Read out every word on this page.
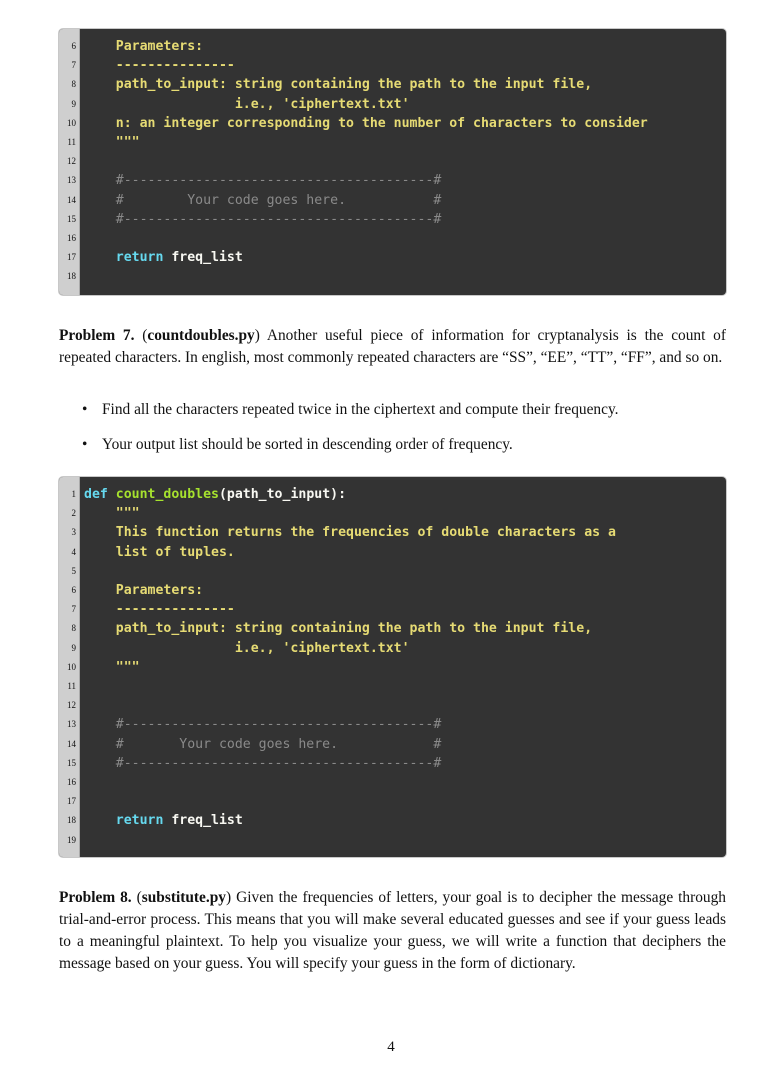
6 Parameters:
7 ---------------
8 path_to_input: string containing the path to the input file,
9 i.e., 'ciphertext.txt'
10 n: an integer corresponding to the number of characters to consider
11 """
12
13 #---------------------------------------#
14 #        Your code goes here.           #
15 #---------------------------------------#
16
17 return freq_list
18
Problem 7. (countdoubles.py) Another useful piece of information for cryptanalysis is the count of repeated characters. In english, most commonly repeated characters are “SS”, “EE”, “TT”, “FF”, and so on.
• Find all the characters repeated twice in the ciphertext and compute their frequency.
• Your output list should be sorted in descending order of frequency.
1 def count_doubles(path_to_input):
2 """
3 This function returns the frequencies of double characters as a
4 list of tuples.
5
6 Parameters:
7 ---------------
8 path_to_input: string containing the path to the input file,
9 i.e., 'ciphertext.txt'
10 """
11
12
13 #---------------------------------------#
14 #       Your code goes here.            #
15 #---------------------------------------#
16
17
18 return freq_list
19
Problem 8. (substitute.py) Given the frequencies of letters, your goal is to decipher the message through trial-and-error process. This means that you will make several educated guesses and see if your guess leads to a meaningful plaintext. To help you visualize your guess, we will write a function that deciphers the message based on your guess. You will specify your guess in the form of dictionary.
4
